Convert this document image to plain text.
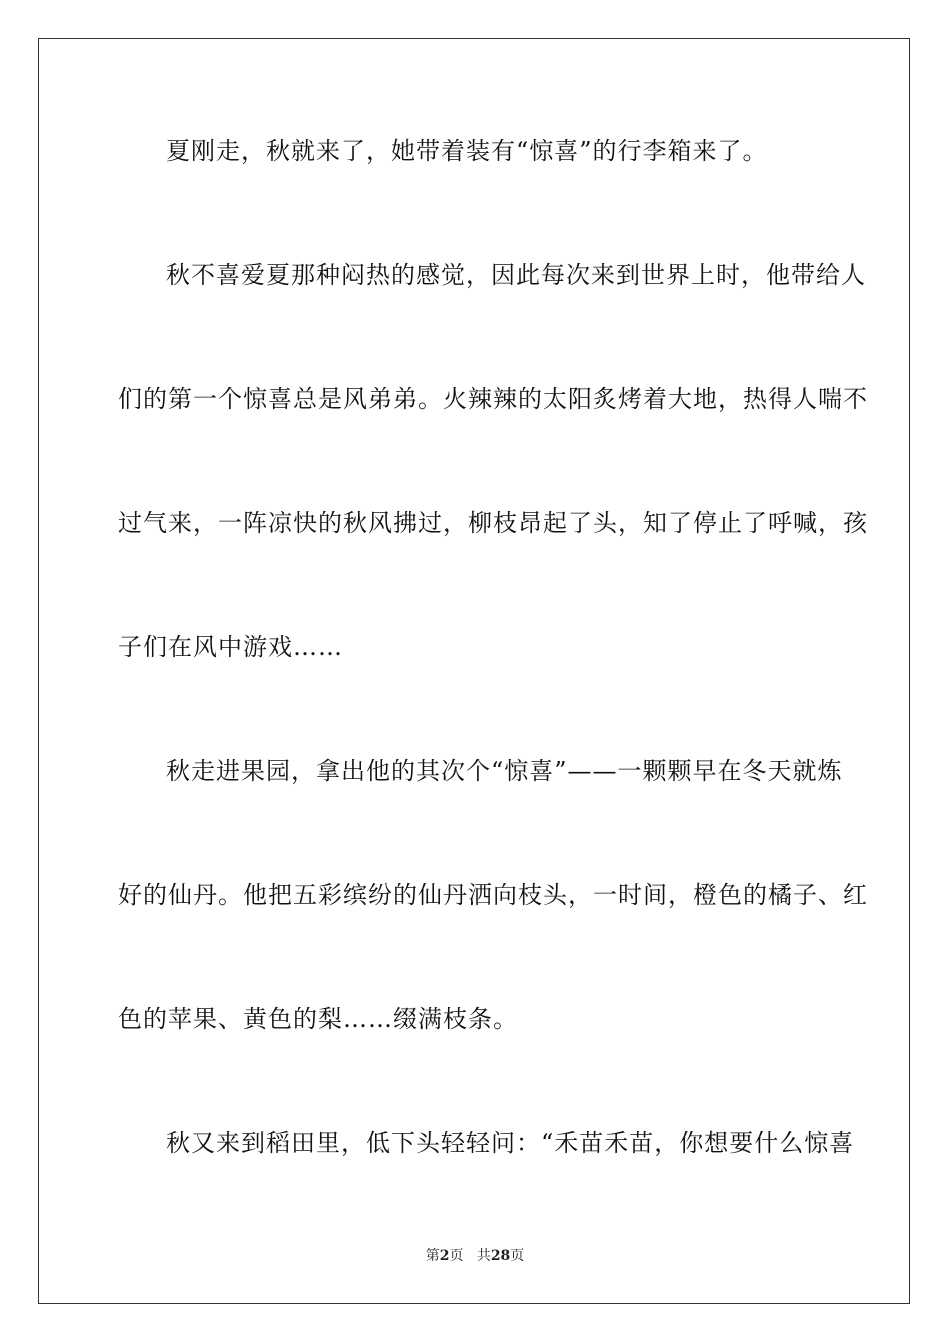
夏刚走，秋就来了，她带着装有“惊喜”的行李箱来了。
秋不喜爱夏那种闷热的感觉，因此每次来到世界上时，他带给人
们的第一个惊喜总是风弟弟。火辣辣的太阳炙烤着大地，热得人喘不
过气来，一阵凉快的秋风拂过，柳枝昂起了头，知了停止了呼喊，孩
子们在风中游戏……
秋走进果园，拿出他的其次个“惊喜”——一颗颗早在冬天就炼
好的仙丹。他把五彩缤纷的仙丹洒向枝头，一时间，橙色的橘子、红
色的苹果、黄色的梨……缀满枝条。
秋又来到稻田里，低下头轻轻问：“禾苗禾苗，你想要什么惊喜
第2页 共28页
